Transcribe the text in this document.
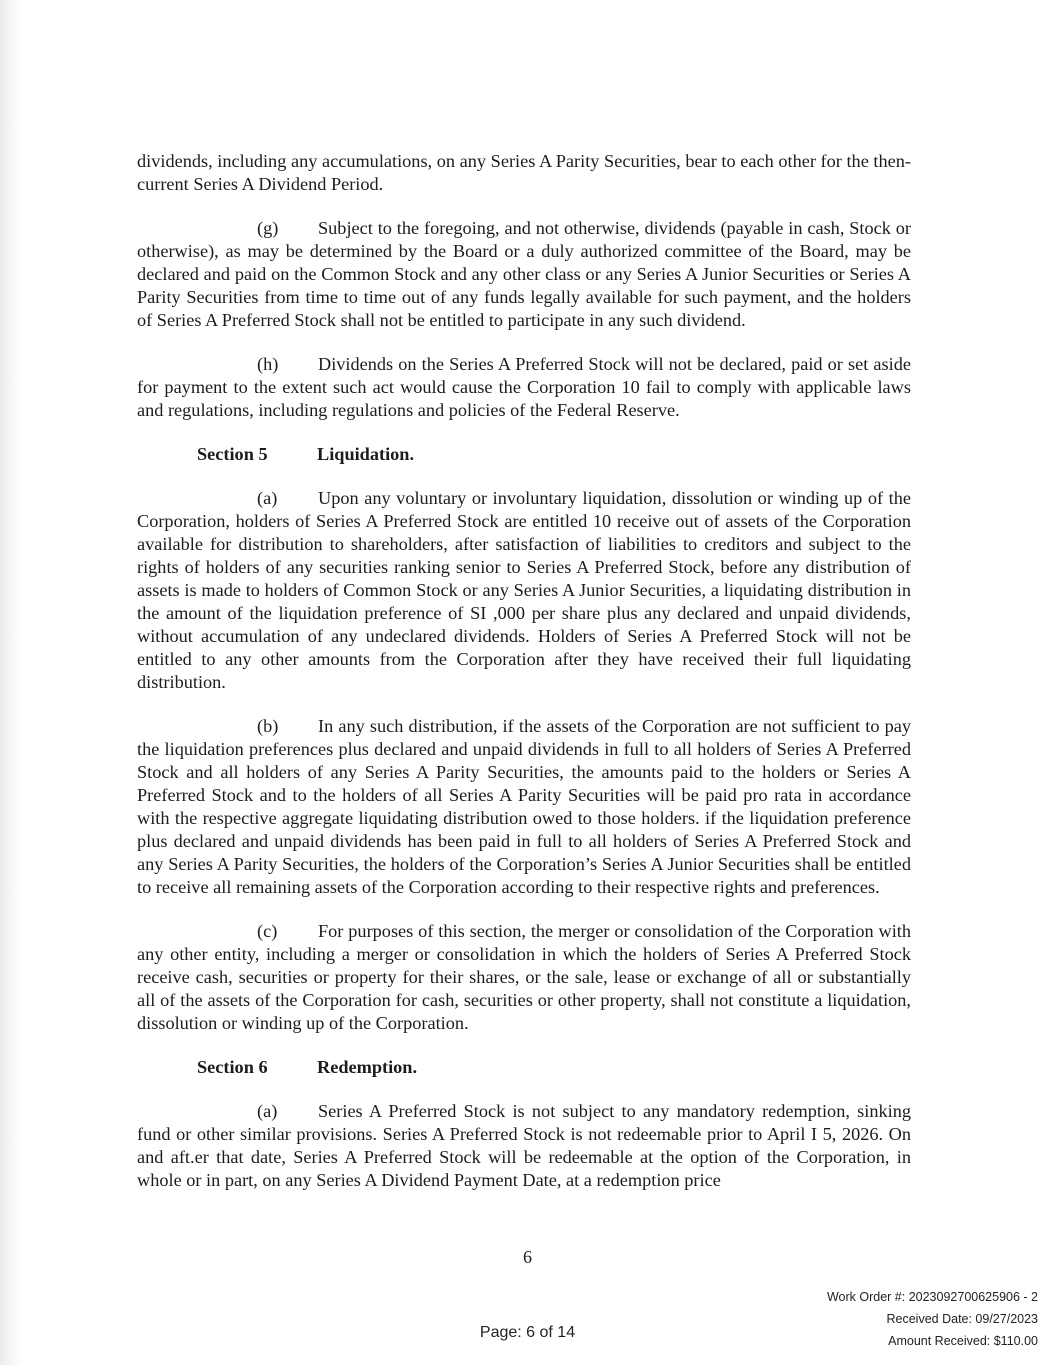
dividends, including any accumulations, on any Series A Parity Securities, bear to each other for the then-current Series A Dividend Period.

(g) Subject to the foregoing, and not otherwise, dividends (payable in cash, Stock or otherwise), as may be determined by the Board or a duly authorized committee of the Board, may be declared and paid on the Common Stock and any other class or any Series A Junior Securities or Series A Parity Securities from time to time out of any funds legally available for such payment, and the holders of Series A Preferred Stock shall not be entitled to participate in any such dividend.

(h) Dividends on the Series A Preferred Stock will not be declared, paid or set aside for payment to the extent such act would cause the Corporation 10 fail to comply with applicable laws and regulations, including regulations and policies of the Federal Reserve.

Section 5	Liquidation.

(a) Upon any voluntary or involuntary liquidation, dissolution or winding up of the Corporation, holders of Series A Preferred Stock are entitled 10 receive out of assets of the Corporation available for distribution to shareholders, after satisfaction of liabilities to creditors and subject to the rights of holders of any securities ranking senior to Series A Preferred Stock, before any distribution of assets is made to holders of Common Stock or any Series A Junior Securities, a liquidating distribution in the amount of the liquidation preference of SI ,000 per share plus any declared and unpaid dividends, without accumulation of any undeclared dividends. Holders of Series A Preferred Stock will not be entitled to any other amounts from the Corporation after they have received their full liquidating distribution.

(b) In any such distribution, if the assets of the Corporation are not sufficient to pay the liquidation preferences plus declared and unpaid dividends in full to all holders of Series A Preferred Stock and all holders of any Series A Parity Securities, the amounts paid to the holders or Series A Preferred Stock and to the holders of all Series A Parity Securities will be paid pro rata in accordance with the respective aggregate liquidating distribution owed to those holders. if the liquidation preference plus declared and unpaid dividends has been paid in full to all holders of Series A Preferred Stock and any Series A Parity Securities, the holders of the Corporation’s Series A Junior Securities shall be entitled to receive all remaining assets of the Corporation according to their respective rights and preferences.

(c) For purposes of this section, the merger or consolidation of the Corporation with any other entity, including a merger or consolidation in which the holders of Series A Preferred Stock receive cash, securities or property for their shares, or the sale, lease or exchange of all or substantially all of the assets of the Corporation for cash, securities or other property, shall not constitute a liquidation, dissolution or winding up of the Corporation.

Section 6	Redemption.

(a) Series A Preferred Stock is not subject to any mandatory redemption, sinking fund or other similar provisions. Series A Preferred Stock is not redeemable prior to April I 5, 2026. On and aft.er that date, Series A Preferred Stock will be redeemable at the option of the Corporation, in whole or in part, on any Series A Dividend Payment Date, at a redemption price

6
Page: 6 of 14
Work Order #: 2023092700625906 - 2
Received Date: 09/27/2023
Amount Received: $110.00
